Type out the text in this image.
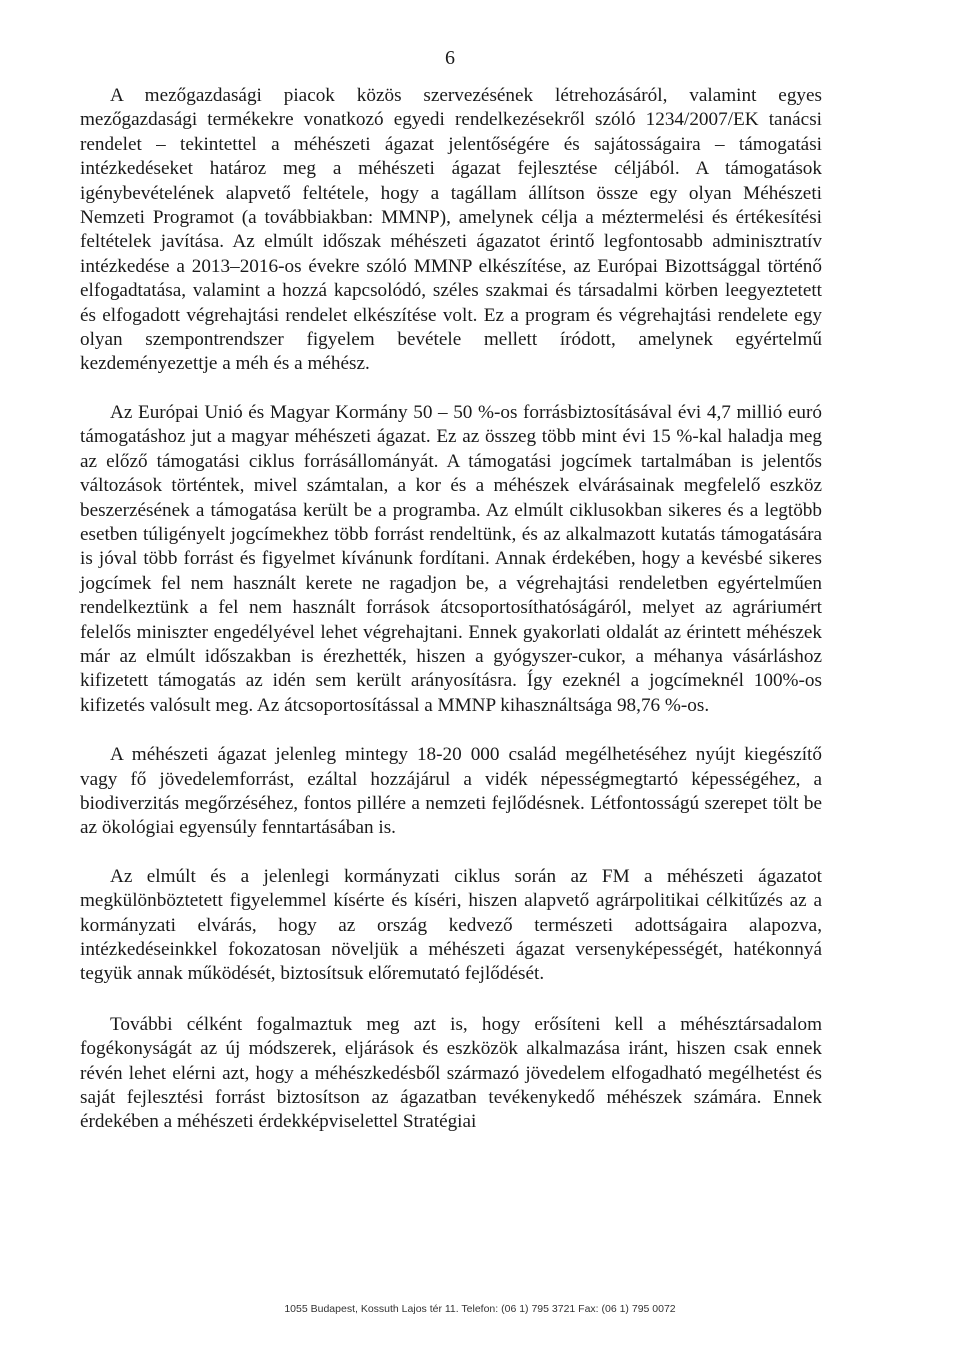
6

A mezőgazdasági piacok közös szervezésének létrehozásáról, valamint egyes mezőgazdasági termékekre vonatkozó egyedi rendelkezésekről szóló 1234/2007/EK tanácsi rendelet – tekintettel a méhészeti ágazat jelentőségére és sajátosságaira – támogatási intézkedéseket határoz meg a méhészeti ágazat fejlesztése céljából. A támogatások igénybevételének alapvető feltétele, hogy a tagállam állítson össze egy olyan Méhészeti Nemzeti Programot (a továbbiakban: MMNP), amelynek célja a méztermelési és értékesítési feltételek javítása. Az elmúlt időszak méhészeti ágazatot érintő legfontosabb adminisztratív intézkedése a 2013–2016-os évekre szóló MMNP elkészítése, az Európai Bizottsággal történő elfogadtatása, valamint a hozzá kapcsolódó, széles szakmai és társadalmi körben leegyeztetett és elfogadott végrehajtási rendelet elkészítése volt. Ez a program és végrehajtási rendelete egy olyan szempontrendszer figyelem bevétele mellett íródott, amelynek egyértelmű kezdeményezettje a méh és a méhész.

Az Európai Unió és Magyar Kormány 50 – 50 %-os forrásbiztosításával évi 4,7 millió euró támogatáshoz jut a magyar méhészeti ágazat. Ez az összeg több mint évi 15 %-kal haladja meg az előző támogatási ciklus forrásállományát. A támogatási jogcímek tartalmában is jelentős változások történtek, mivel számtalan, a kor és a méhészek elvárásainak megfelelő eszköz beszerzésének a támogatása került be a programba. Az elmúlt ciklusokban sikeres és a legtöbb esetben túligényelt jogcímekhez több forrást rendeltünk, és az alkalmazott kutatás támogatására is jóval több forrást és figyelmet kívánunk fordítani. Annak érdekében, hogy a kevésbé sikeres jogcímek fel nem használt kerete ne ragadjon be, a végrehajtási rendeletben egyértelműen rendelkeztünk a fel nem használt források átcsoportosíthatóságáról, melyet az agráriumért felelős miniszter engedélyével lehet végrehajtani. Ennek gyakorlati oldalát az érintett méhészek már az elmúlt időszakban is érezhették, hiszen a gyógyszer-cukor, a méhanya vásárláshoz kifizetett támogatás az idén sem került arányosításra. Így ezeknél a jogcímeknél 100%-os kifizetés valósult meg. Az átcsoportosítással a MMNP kihasználtsága 98,76 %-os.

A méhészeti ágazat jelenleg mintegy 18-20 000 család megélhetéséhez nyújt kiegészítő vagy fő jövedelemforrást, ezáltal hozzájárul a vidék népességmegtartó képességéhez, a biodiverzitás megőrzéséhez, fontos pillére a nemzeti fejlődésnek. Létfontosságú szerepet tölt be az ökológiai egyensúly fenntartásában is.

Az elmúlt és a jelenlegi kormányzati ciklus során az FM a méhészeti ágazatot megkülönböztetett figyelemmel kísérte és kíséri, hiszen alapvető agrárpolitikai célkitűzés az a kormányzati elvárás, hogy az ország kedvező természeti adottságaira alapozva, intézkedéseinkkel fokozatosan növeljük a méhészeti ágazat versenyképességét, hatékonnyá tegyük annak működését, biztosítsuk előremutató fejlődését.

További célként fogalmaztuk meg azt is, hogy erősíteni kell a méhésztársadalom fogékonyságát az új módszerek, eljárások és eszközök alkalmazása iránt, hiszen csak ennek révén lehet elérni azt, hogy a méhészkedésből származó jövedelem elfogadható megélhetést és saját fejlesztési forrást biztosítson az ágazatban tevékenykedő méhészek számára. Ennek érdekében a méhészeti érdekképviselettel Stratégiai

1055 Budapest, Kossuth Lajos tér 11. Telefon: (06 1) 795 3721 Fax: (06 1) 795 0072
